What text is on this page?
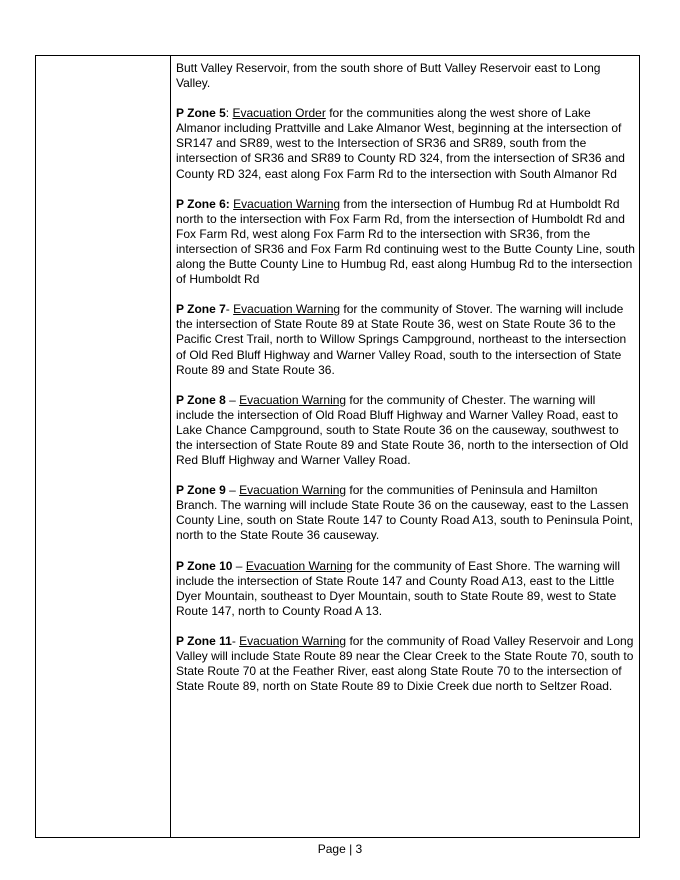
Butt Valley Reservoir, from the south shore of Butt Valley Reservoir east to Long Valley.

P Zone 5: Evacuation Order for the communities along the west shore of Lake Almanor including Prattville and Lake Almanor West, beginning at the intersection of SR147 and SR89, west to the Intersection of SR36 and SR89, south from the intersection of SR36 and SR89 to County RD 324, from the intersection of SR36 and County RD 324, east along Fox Farm Rd to the intersection with South Almanor Rd

P Zone 6: Evacuation Warning from the intersection of Humbug Rd at Humboldt Rd north to the intersection with Fox Farm Rd, from the intersection of Humboldt Rd and Fox Farm Rd, west along Fox Farm Rd to the intersection with SR36, from the intersection of SR36 and Fox Farm Rd continuing west to the Butte County Line, south along the Butte County Line to Humbug Rd, east along Humbug Rd to the intersection of Humboldt Rd

P Zone 7- Evacuation Warning for the community of Stover. The warning will include the intersection of State Route 89 at State Route 36, west on State Route 36 to the Pacific Crest Trail, north to Willow Springs Campground, northeast to the intersection of Old Red Bluff Highway and Warner Valley Road, south to the intersection of State Route 89 and State Route 36.

P Zone 8 – Evacuation Warning for the community of Chester. The warning will include the intersection of Old Road Bluff Highway and Warner Valley Road, east to Lake Chance Campground, south to State Route 36 on the causeway, southwest to the intersection of State Route 89 and State Route 36, north to the intersection of Old Red Bluff Highway and Warner Valley Road.

P Zone 9 – Evacuation Warning for the communities of Peninsula and Hamilton Branch. The warning will include State Route 36 on the causeway, east to the Lassen County Line, south on State Route 147 to County Road A13, south to Peninsula Point, north to the State Route 36 causeway.

P Zone 10 – Evacuation Warning for the community of East Shore. The warning will include the intersection of State Route 147 and County Road A13, east to the Little Dyer Mountain, southeast to Dyer Mountain, south to State Route 89, west to State Route 147, north to County Road A 13.

P Zone 11- Evacuation Warning for the community of Road Valley Reservoir and Long Valley will include State Route 89 near the Clear Creek to the State Route 70, south to State Route 70 at the Feather River, east along State Route 70 to the intersection of State Route 89, north on State Route 89 to Dixie Creek due north to Seltzer Road.

Page | 3
